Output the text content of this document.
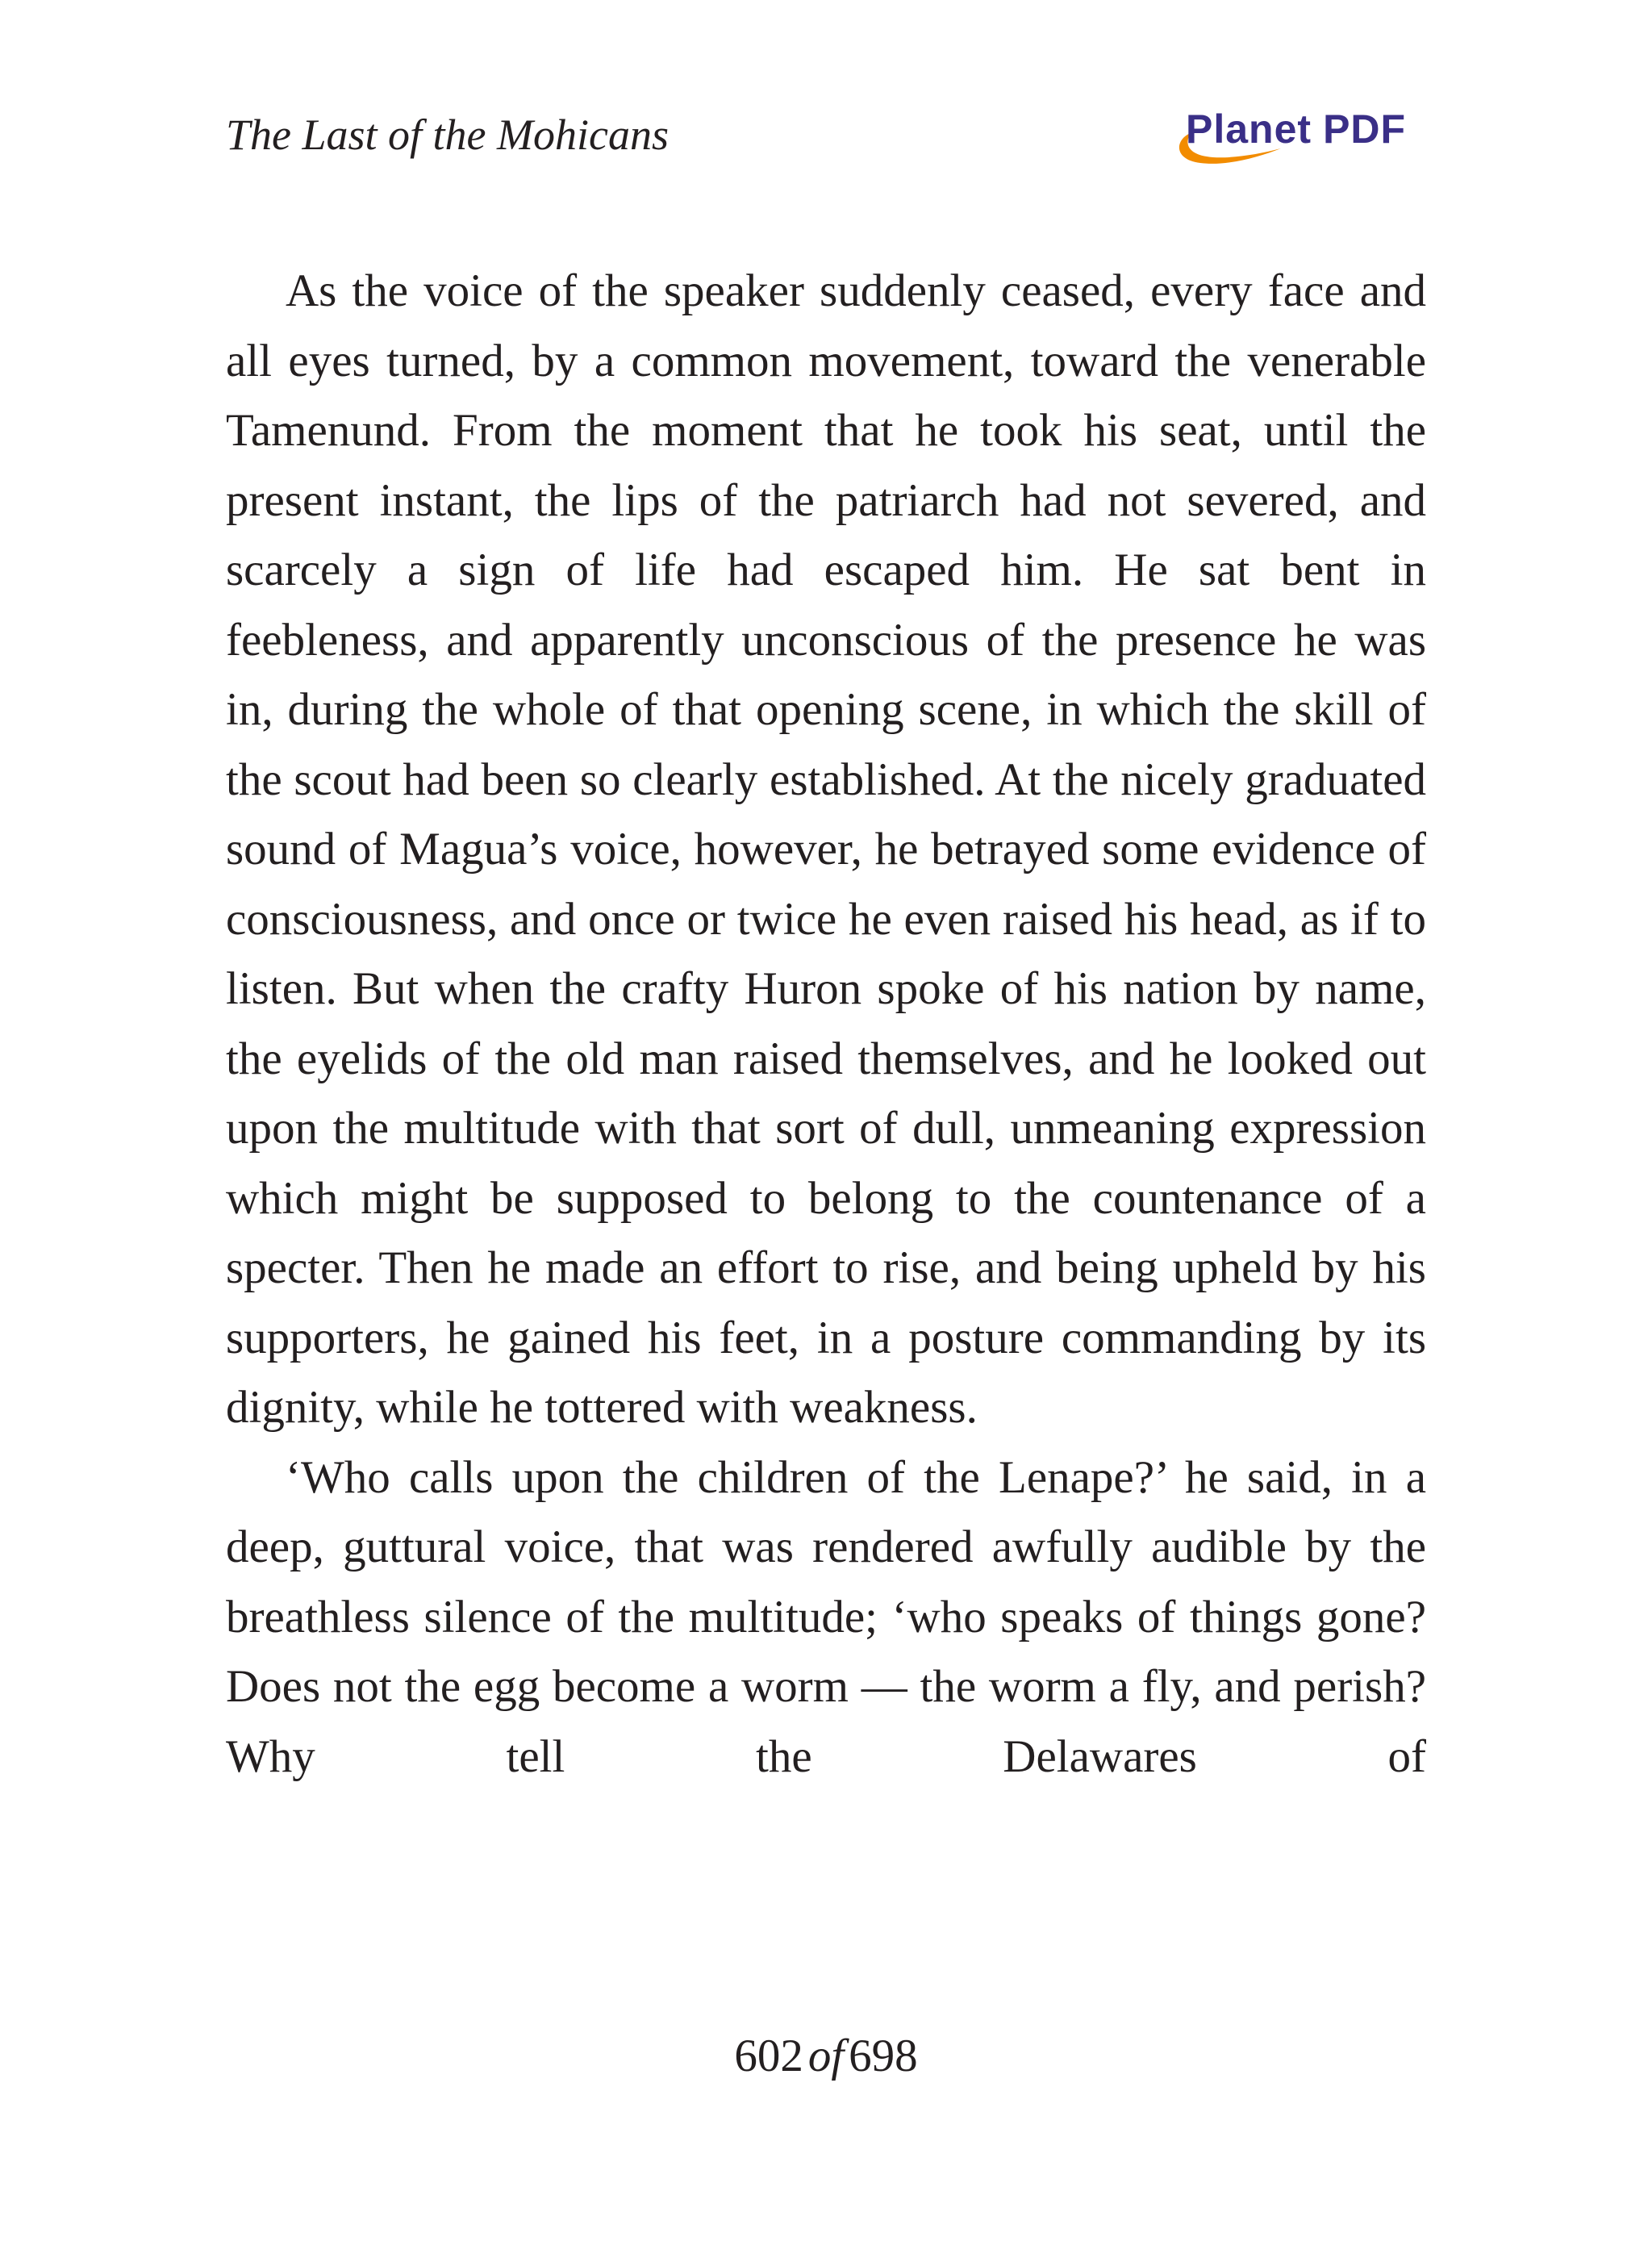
The Last of the Mohicans	Planet PDF

As the voice of the speaker suddenly ceased, every face and all eyes turned, by a common movement, toward the venerable Tamenund. From the moment that he took his seat, until the present instant, the lips of the patriarch had not severed, and scarcely a sign of life had escaped him. He sat bent in feebleness, and apparently unconscious of the presence he was in, during the whole of that opening scene, in which the skill of the scout had been so clearly established. At the nicely graduated sound of Magua’s voice, however, he betrayed some evidence of consciousness, and once or twice he even raised his head, as if to listen. But when the crafty Huron spoke of his nation by name, the eyelids of the old man raised themselves, and he looked out upon the multitude with that sort of dull, unmeaning expression which might be supposed to belong to the countenance of a specter. Then he made an effort to rise, and being upheld by his supporters, he gained his feet, in a posture commanding by its dignity, while he tottered with weakness.

‘Who calls upon the children of the Lenape?’ he said, in a deep, guttural voice, that was rendered awfully audible by the breathless silence of the multitude; ‘who speaks of things gone? Does not the egg become a worm — the worm a fly, and perish? Why tell the Delawares of

602 of 698
